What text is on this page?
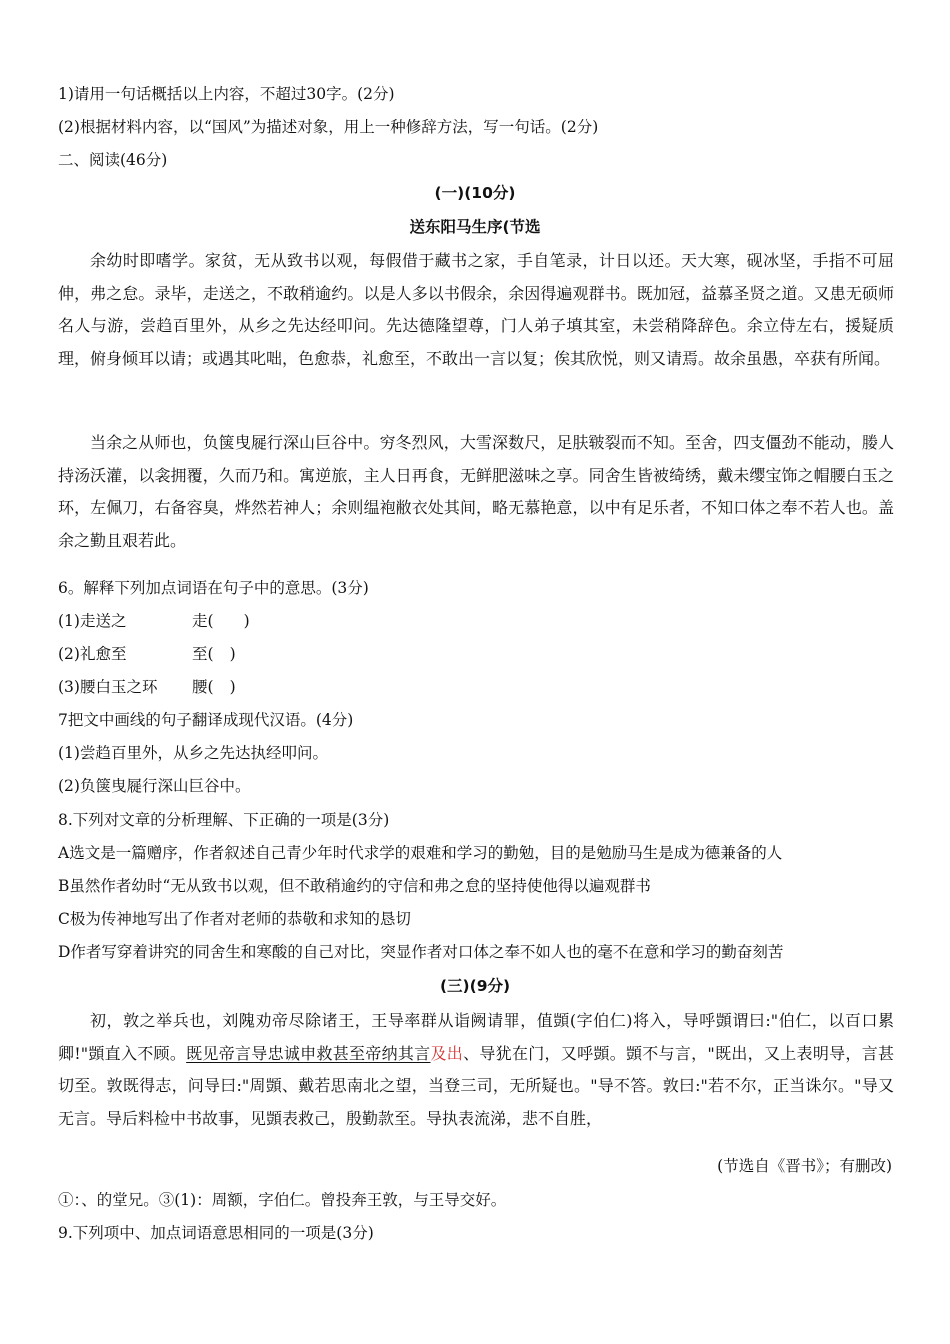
1)请用一句话概括以上内容，不超过30字。(2分)
(2)根据材料内容，以“国风”为描述对象，用上一种修辞方法，写一句话。(2分)
二、阅读(46分)
(一)(10分)
送东阳马生序(节选
余幼时即嗜学。家贫，无从致书以观，每假借于藏书之家，手自笔录，计日以还。天大寒，砚冰坚，手指不可屈伸，弗之怠。录毕，走送之，不敢稍逾约。以是人多以书假余，余因得遍观群书。既加冠，益慕圣贤之道。又患无硕师名人与游，尝趋百里外，从乡之先达经叩问。先达德隆望尊，门人弟子填其室，未尝稍降辞色。余立侍左右，援疑质理，俯身倾耳以请；或遇其叱咄，色愈恭，礼愈至，不敢出一言以复；俟其欣悦，则又请焉。故余虽愚，卒获有所闻。
当余之从师也，负箧曳屣行深山巨谷中。穷冬烈风，大雪深数尺，足肤皲裂而不知。至舍，四支僵劲不能动，媵人持汤沃灌，以衾拥覆，久而乃和。寓逆旅，主人日再食，无鲜肥滋味之享。同舍生皆被绮绣，戴未缨宝饰之帽腰白玉之环，左佩刀，右备容臭，烨然若神人；余则缊袍敝衣处其间，略无慕艳意，以中有足乐者，不知口体之奉不若人也。盖余之勤且艰若此。
6。解释下列加点词语在句子中的意思。(3分)
(1)走送之	走( )
(2)礼愈至	至( )
(3)腰白玉之环 腰( )
7把文中画线的句子翻译成现代汉语。(4分)
(1)尝趋百里外，从乡之先达执经叩问。
(2)负箧曳屣行深山巨谷中。
8.下列对文章的分析理解、下正确的一项是(3分)
A选文是一篇赠序，作者叙述自己青少年时代求学的艰难和学习的勤勉，目的是勉励马生是成为德兼备的人
B虽然作者幼时“无从致书以观，但不敢稍逾约的守信和弗之怠的坚持使他得以遍观群书
C极为传神地写出了作者对老师的恭敬和求知的恳切
D作者写穿着讲究的同舍生和寒酸的自己对比，突显作者对口体之奉不如人也的毫不在意和学习的勤奋刻苦
(三)(9分)
初，敦之举兵也，刘隗劝帝尽除诸王，王导率群从诣阙请罪，值顗(字伯仁)将入，导呼顗谓曰:"伯仁，以百口累卿!"顗直入不顾。既见帝言导忠诚申救甚至帝纳其言及出、导犹在门，又呼顗。顗不与言，"既出，又上表明导，言甚切至。敦既得志，问导曰:"周顗、戴若思南北之望，当登三司，无所疑也。"导不答。敦曰:"若不尔，正当诛尔。"导又无言。导后料检中书故事，见顗表救己，殷勤款至。导执表流涕，悲不自胜，
(节选自《晋书》；有删改)
①：、的堂兄。③(1)：周额，字伯仁。曾投奔王敦，与王导交好。
9.下列项中、加点词语意思相同的一项是(3分)
